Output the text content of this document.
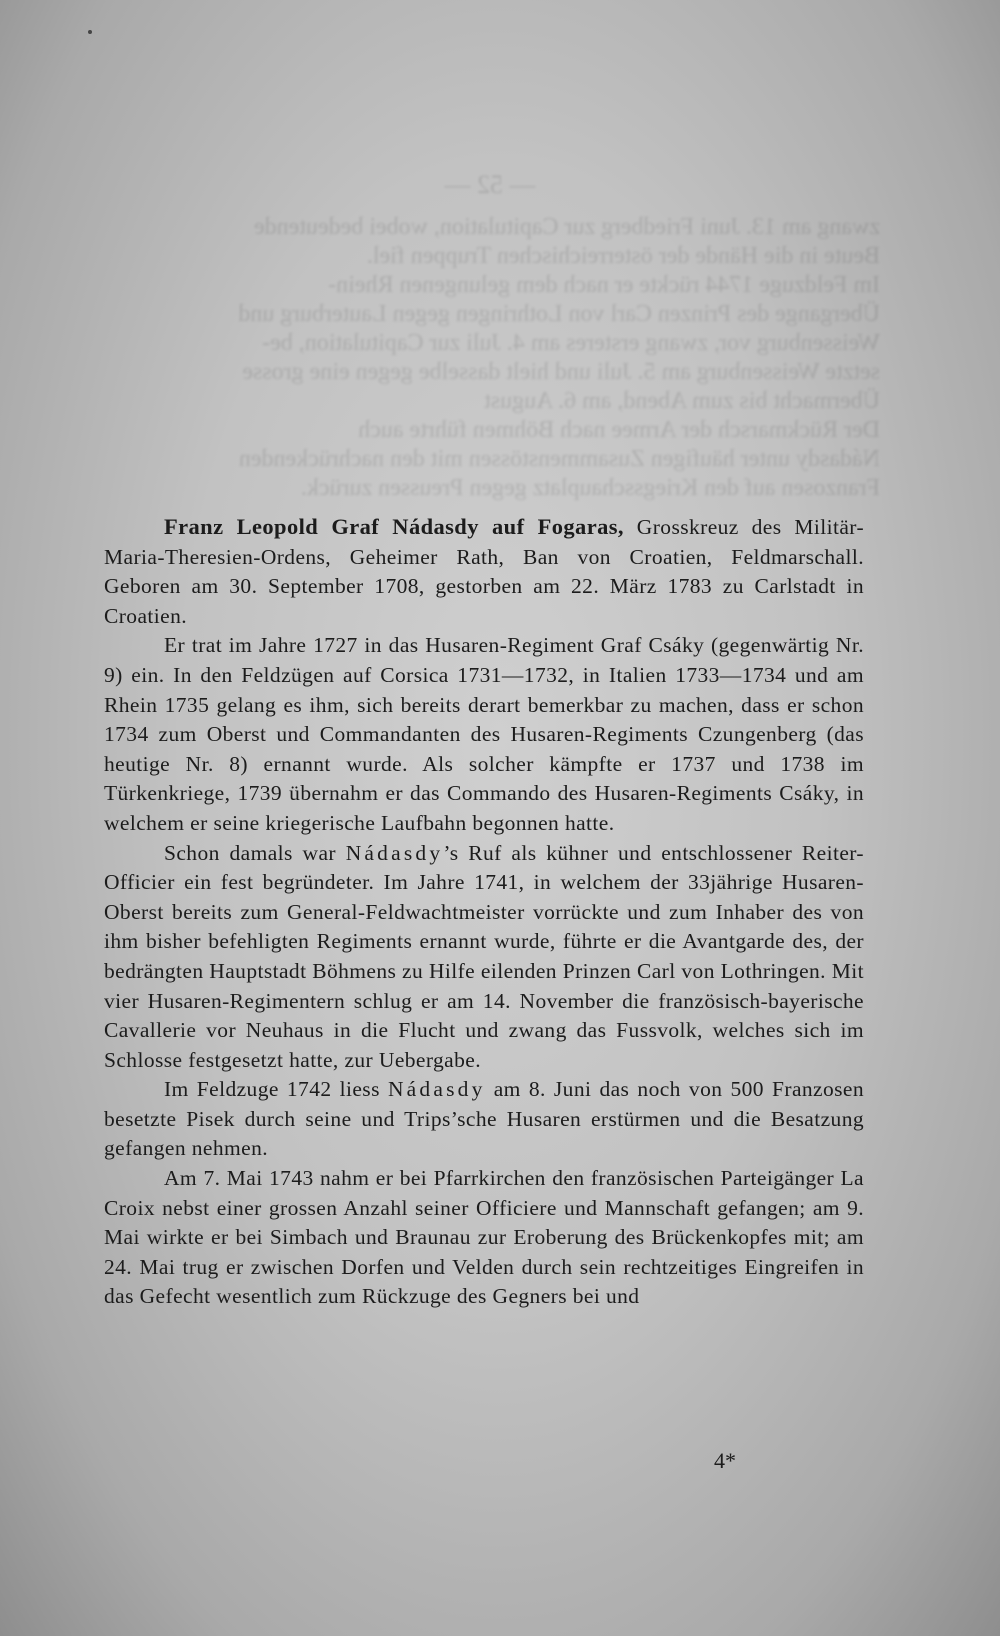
— 52 —
zwang am 13. Juni Friedberg zur Capitulation, wobei bedeutende
Beute in die Hände der österreichischen Truppen fiel.
Im Feldzuge 1744 rückte er nach dem gelungenen Rhein-
Übergange des Prinzen Carl von Lothringen gegen Lauterburg und
Weissenburg vor, zwang ersteres am 4. Juli zur Capitulation, be-
setzte Weissenburg am 5. Juli und hielt dasselbe gegen eine grosse
Übermacht bis zum Abend, am 6. August
Der Rückmarsch der Armee nach Böhmen führte auch
Nádasdy unter häufigen Zusammenstössen mit den nachrückenden
Franzosen auf den Kriegsschauplatz gegen Preussen zurück.

Franz Leopold Graf Nádasdy auf Fogaras, Grosskreuz des Militär-Maria-Theresien-Ordens, Geheimer Rath, Ban von Croatien, Feldmarschall. Geboren am 30. September 1708, gestorben am 22. März 1783 zu Carlstadt in Croatien.

Er trat im Jahre 1727 in das Husaren-Regiment Graf Csáky (gegenwärtig Nr. 9) ein. In den Feldzügen auf Corsica 1731—1732, in Italien 1733—1734 und am Rhein 1735 gelang es ihm, sich bereits derart bemerkbar zu machen, dass er schon 1734 zum Oberst und Commandanten des Husaren-Regiments Czungenberg (das heutige Nr. 8) ernannt wurde. Als solcher kämpfte er 1737 und 1738 im Türkenkriege, 1739 übernahm er das Commando des Husaren-Regiments Csáky, in welchem er seine kriegerische Laufbahn begonnen hatte.

Schon damals war Nádasdy’s Ruf als kühner und entschlossener Reiter-Officier ein fest begründeter. Im Jahre 1741, in welchem der 33jährige Husaren-Oberst bereits zum General-Feldwachtmeister vorrückte und zum Inhaber des von ihm bisher befehligten Regiments ernannt wurde, führte er die Avantgarde des, der bedrängten Hauptstadt Böhmens zu Hilfe eilenden Prinzen Carl von Lothringen. Mit vier Husaren-Regimentern schlug er am 14. November die französisch-bayerische Cavallerie vor Neuhaus in die Flucht und zwang das Fussvolk, welches sich im Schlosse festgesetzt hatte, zur Uebergabe.

Im Feldzuge 1742 liess Nádasdy am 8. Juni das noch von 500 Franzosen besetzte Pisek durch seine und Trips’sche Husaren erstürmen und die Besatzung gefangen nehmen.

Am 7. Mai 1743 nahm er bei Pfarrkirchen den französischen Parteigänger La Croix nebst einer grossen Anzahl seiner Officiere und Mannschaft gefangen; am 9. Mai wirkte er bei Simbach und Braunau zur Eroberung des Brückenkopfes mit; am 24. Mai trug er zwischen Dorfen und Velden durch sein rechtzeitiges Eingreifen in das Gefecht wesentlich zum Rückzuge des Gegners bei und

4*
